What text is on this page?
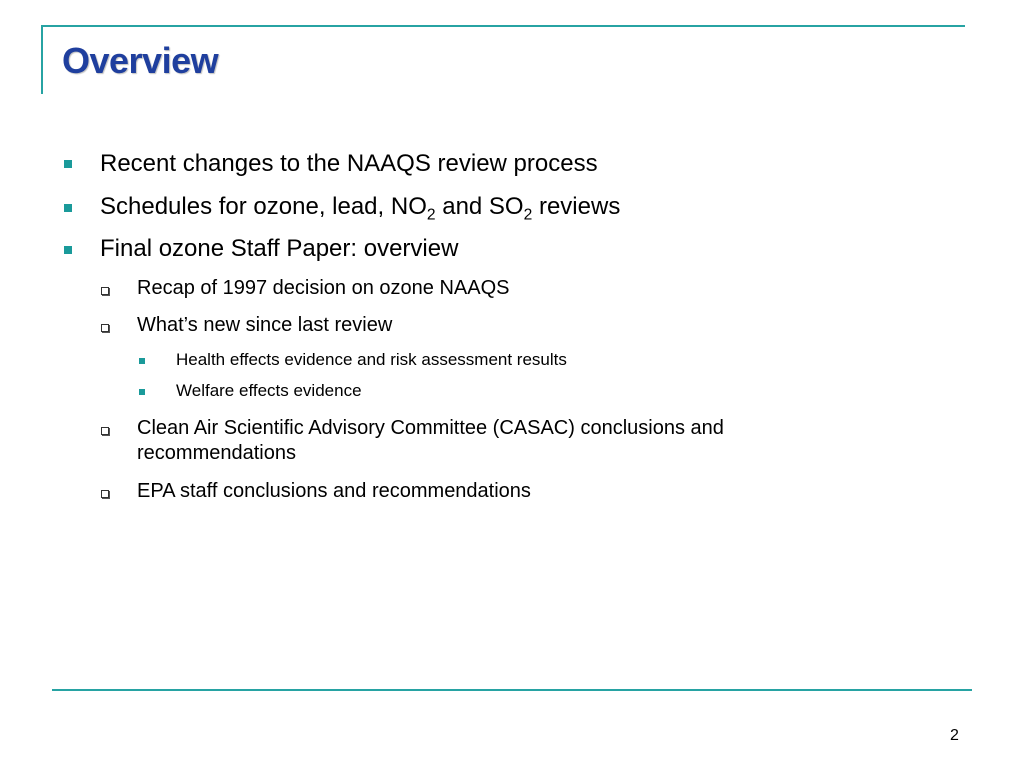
Overview
Recent changes to the NAAQS review process
Schedules for ozone, lead, $NO_2$ and $SO_2$ reviews
Final ozone Staff Paper: overview
Recap of 1997 decision on ozone NAAQS
What’s new since last review
Health effects evidence and risk assessment results
Welfare effects evidence
Clean Air Scientific Advisory Committee (CASAC) conclusions and
recommendations
EPA staff conclusions and recommendations
2
